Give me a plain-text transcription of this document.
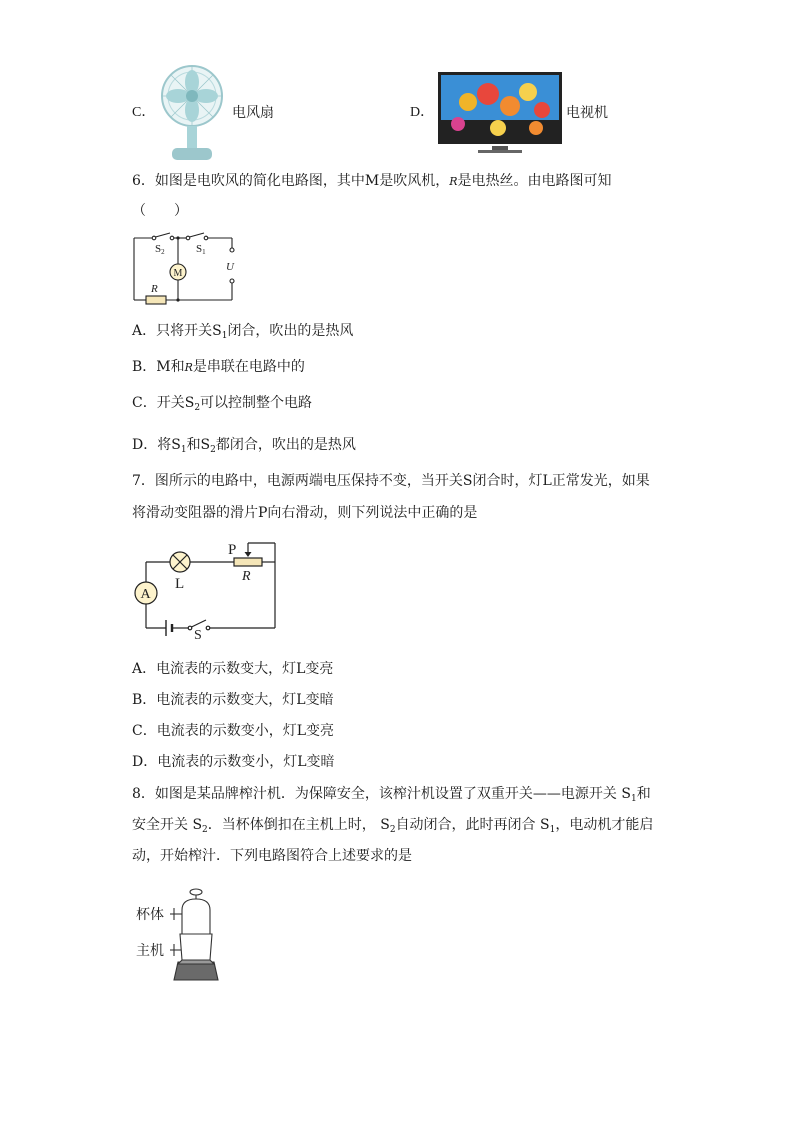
C．	电风扇	D．	电视机
6．如图是电吹风的简化电路图，其中M是吹风机，R是电热丝。由电路图可知
（　　）
S2	S1
M
U
R
A．只将开关$S_1$闭合，吹出的是热风
B．M和R是串联在电路中的
C．开关$S_2$可以控制整个电路
D．将$S_1$和$S_2$都闭合，吹出的是热风
7．图所示的电路中，电源两端电压保持不变，当开关S闭合时，灯L正常发光，如果
将滑动变阻器的滑片P向右滑动，则下列说法中正确的是
P
R
L
A
S
A．电流表的示数变大，灯L变亮
B．电流表的示数变大，灯L变暗
C．电流表的示数变小，灯L变亮
D．电流表的示数变小，灯L变暗
8．如图是某品牌榨汁机．为保障安全，该榨汁机设置了双重开关——电源开关 $S_1$和
安全开关 $S_2$．当杯体倒扣在主机上时， $S_2$自动闭合，此时再闭合 $S_1$，电动机才能启
动，开始榨汁．下列电路图符合上述要求的是
杯体
主机
